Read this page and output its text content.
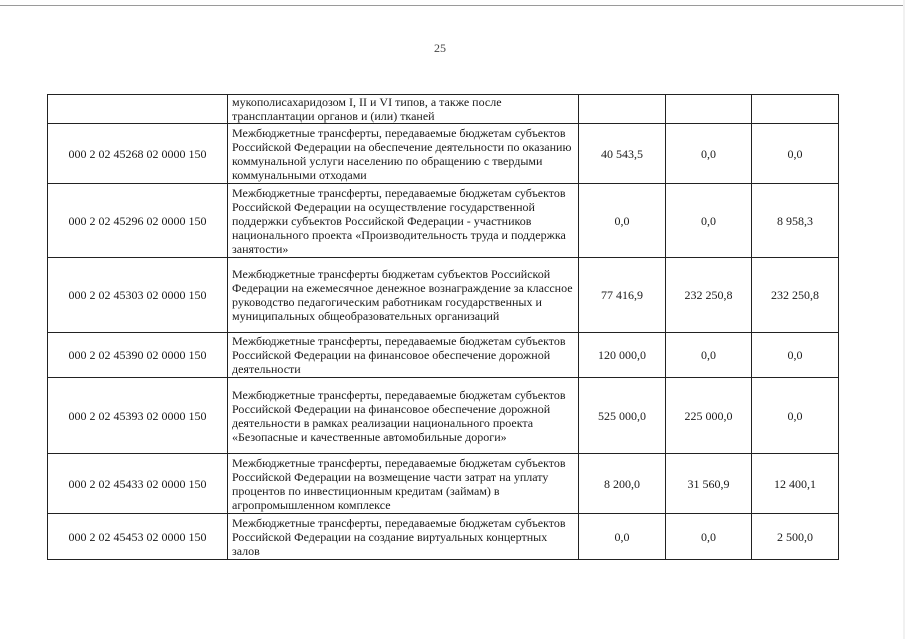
25
	мукополисахаридозом I, II и VI типов, а также после трансплантации органов и (или) тканей			
000 2 02 45268 02 0000 150	Межбюджетные трансферты, передаваемые бюджетам субъектов Российской Федерации на обеспечение деятельности по оказанию коммунальной услуги населению по обращению с твердыми коммунальными отходами	40 543,5	0,0	0,0
000 2 02 45296 02 0000 150	Межбюджетные трансферты, передаваемые бюджетам субъектов Российской Федерации на осуществление государственной поддержки субъектов Российской Федерации - участников национального проекта «Производительность труда и поддержка занятости»	0,0	0,0	8 958,3
000 2 02 45303 02 0000 150	Межбюджетные трансферты бюджетам субъектов Российской Федерации на ежемесячное денежное вознаграждение за классное руководство педагогическим работникам государственных и муниципальных общеобразовательных организаций	77 416,9	232 250,8	232 250,8
000 2 02 45390 02 0000 150	Межбюджетные трансферты, передаваемые бюджетам субъектов Российской Федерации на финансовое обеспечение дорожной деятельности	120 000,0	0,0	0,0
000 2 02 45393 02 0000 150	Межбюджетные трансферты, передаваемые бюджетам субъектов Российской Федерации на финансовое обеспечение дорожной деятельности в рамках реализации национального проекта «Безопасные и качественные автомобильные дороги»	525 000,0	225 000,0	0,0
000 2 02 45433 02 0000 150	Межбюджетные трансферты, передаваемые бюджетам субъектов Российской Федерации на возмещение части затрат на уплату процентов по инвестиционным кредитам (займам) в агропромышленном комплексе	8 200,0	31 560,9	12 400,1
000 2 02 45453 02 0000 150	Межбюджетные трансферты, передаваемые бюджетам субъектов Российской Федерации на создание виртуальных концертных залов	0,0	0,0	2 500,0
